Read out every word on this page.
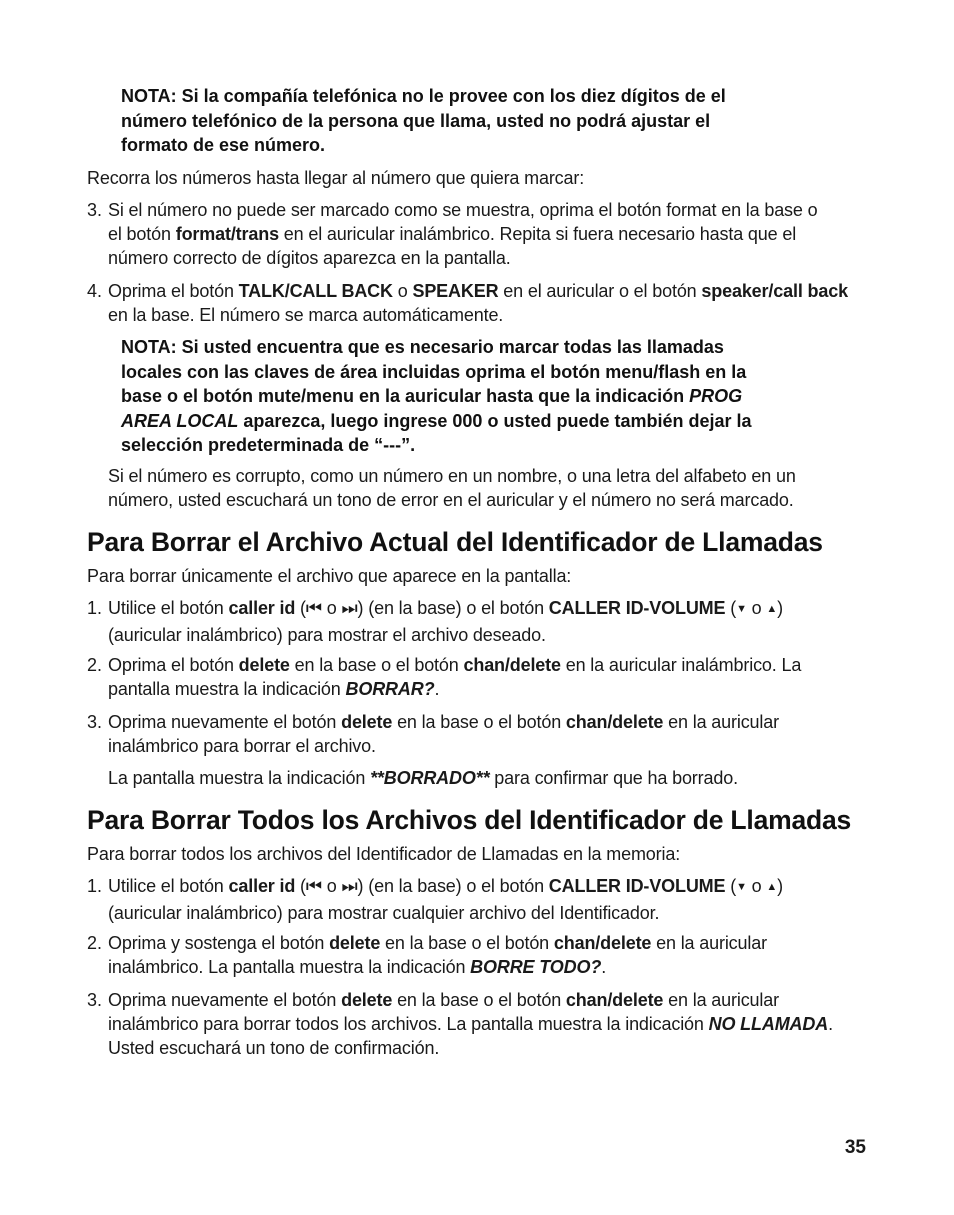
NOTA: Si la compañía telefónica no le provee con los diez dígitos de el
número telefónico de la persona que llama, usted no podrá ajustar el
formato de ese número.

Recorra los números hasta llegar al número que quiera marcar:

3. Si el número no puede ser marcado como se muestra, oprima el botón format en la base o
el botón format/trans en el auricular inalámbrico. Repita si fuera necesario hasta que el
número correcto de dígitos aparezca en la pantalla.
4. Oprima el botón TALK/CALL BACK o SPEAKER en el auricular o el botón speaker/call back
en la base. El número se marca automáticamente.
NOTA: Si usted encuentra que es necesario marcar todas las llamadas
locales con las claves de área incluidas oprima el botón menu/flash en la
base o el botón mute/menu en la auricular hasta que la indicación PROG
AREA LOCAL aparezca, luego ingrese 000 o usted puede también dejar la
selección predeterminada de “---”.
Si el número es corrupto, como un número en un nombre, o una letra del alfabeto en un
número, usted escuchará un tono de error en el auricular y el número no será marcado.
Para Borrar el Archivo Actual del Identificador de Llamadas

Para borrar únicamente el archivo que aparece en la pantalla:

1. Utilice el botón caller id (⏮ o ⏭) (en la base) o el botón CALLER ID-VOLUME (▼ o ▲)
(auricular inalámbrico) para mostrar el archivo deseado.
2. Oprima el botón delete en la base o el botón chan/delete en la auricular inalámbrico. La
pantalla muestra la indicación BORRAR?.
3. Oprima nuevamente el botón delete en la base o el botón chan/delete en la auricular
inalámbrico para borrar el archivo.
La pantalla muestra la indicación **BORRADO** para confirmar que ha borrado.
Para Borrar Todos los Archivos del Identificador de Llamadas

Para borrar todos los archivos del Identificador de Llamadas en la memoria:

1. Utilice el botón caller id (⏮ o ⏭) (en la base) o el botón CALLER ID-VOLUME (▼ o ▲)
(auricular inalámbrico) para mostrar cualquier archivo del Identificador.
2. Oprima y sostenga el botón delete en la base o el botón chan/delete en la auricular
inalámbrico. La pantalla muestra la indicación BORRE TODO?.
3. Oprima nuevamente el botón delete en la base o el botón chan/delete en la auricular
inalámbrico para borrar todos los archivos. La pantalla muestra la indicación NO LLAMADA.
Usted escuchará un tono de confirmación.
35
